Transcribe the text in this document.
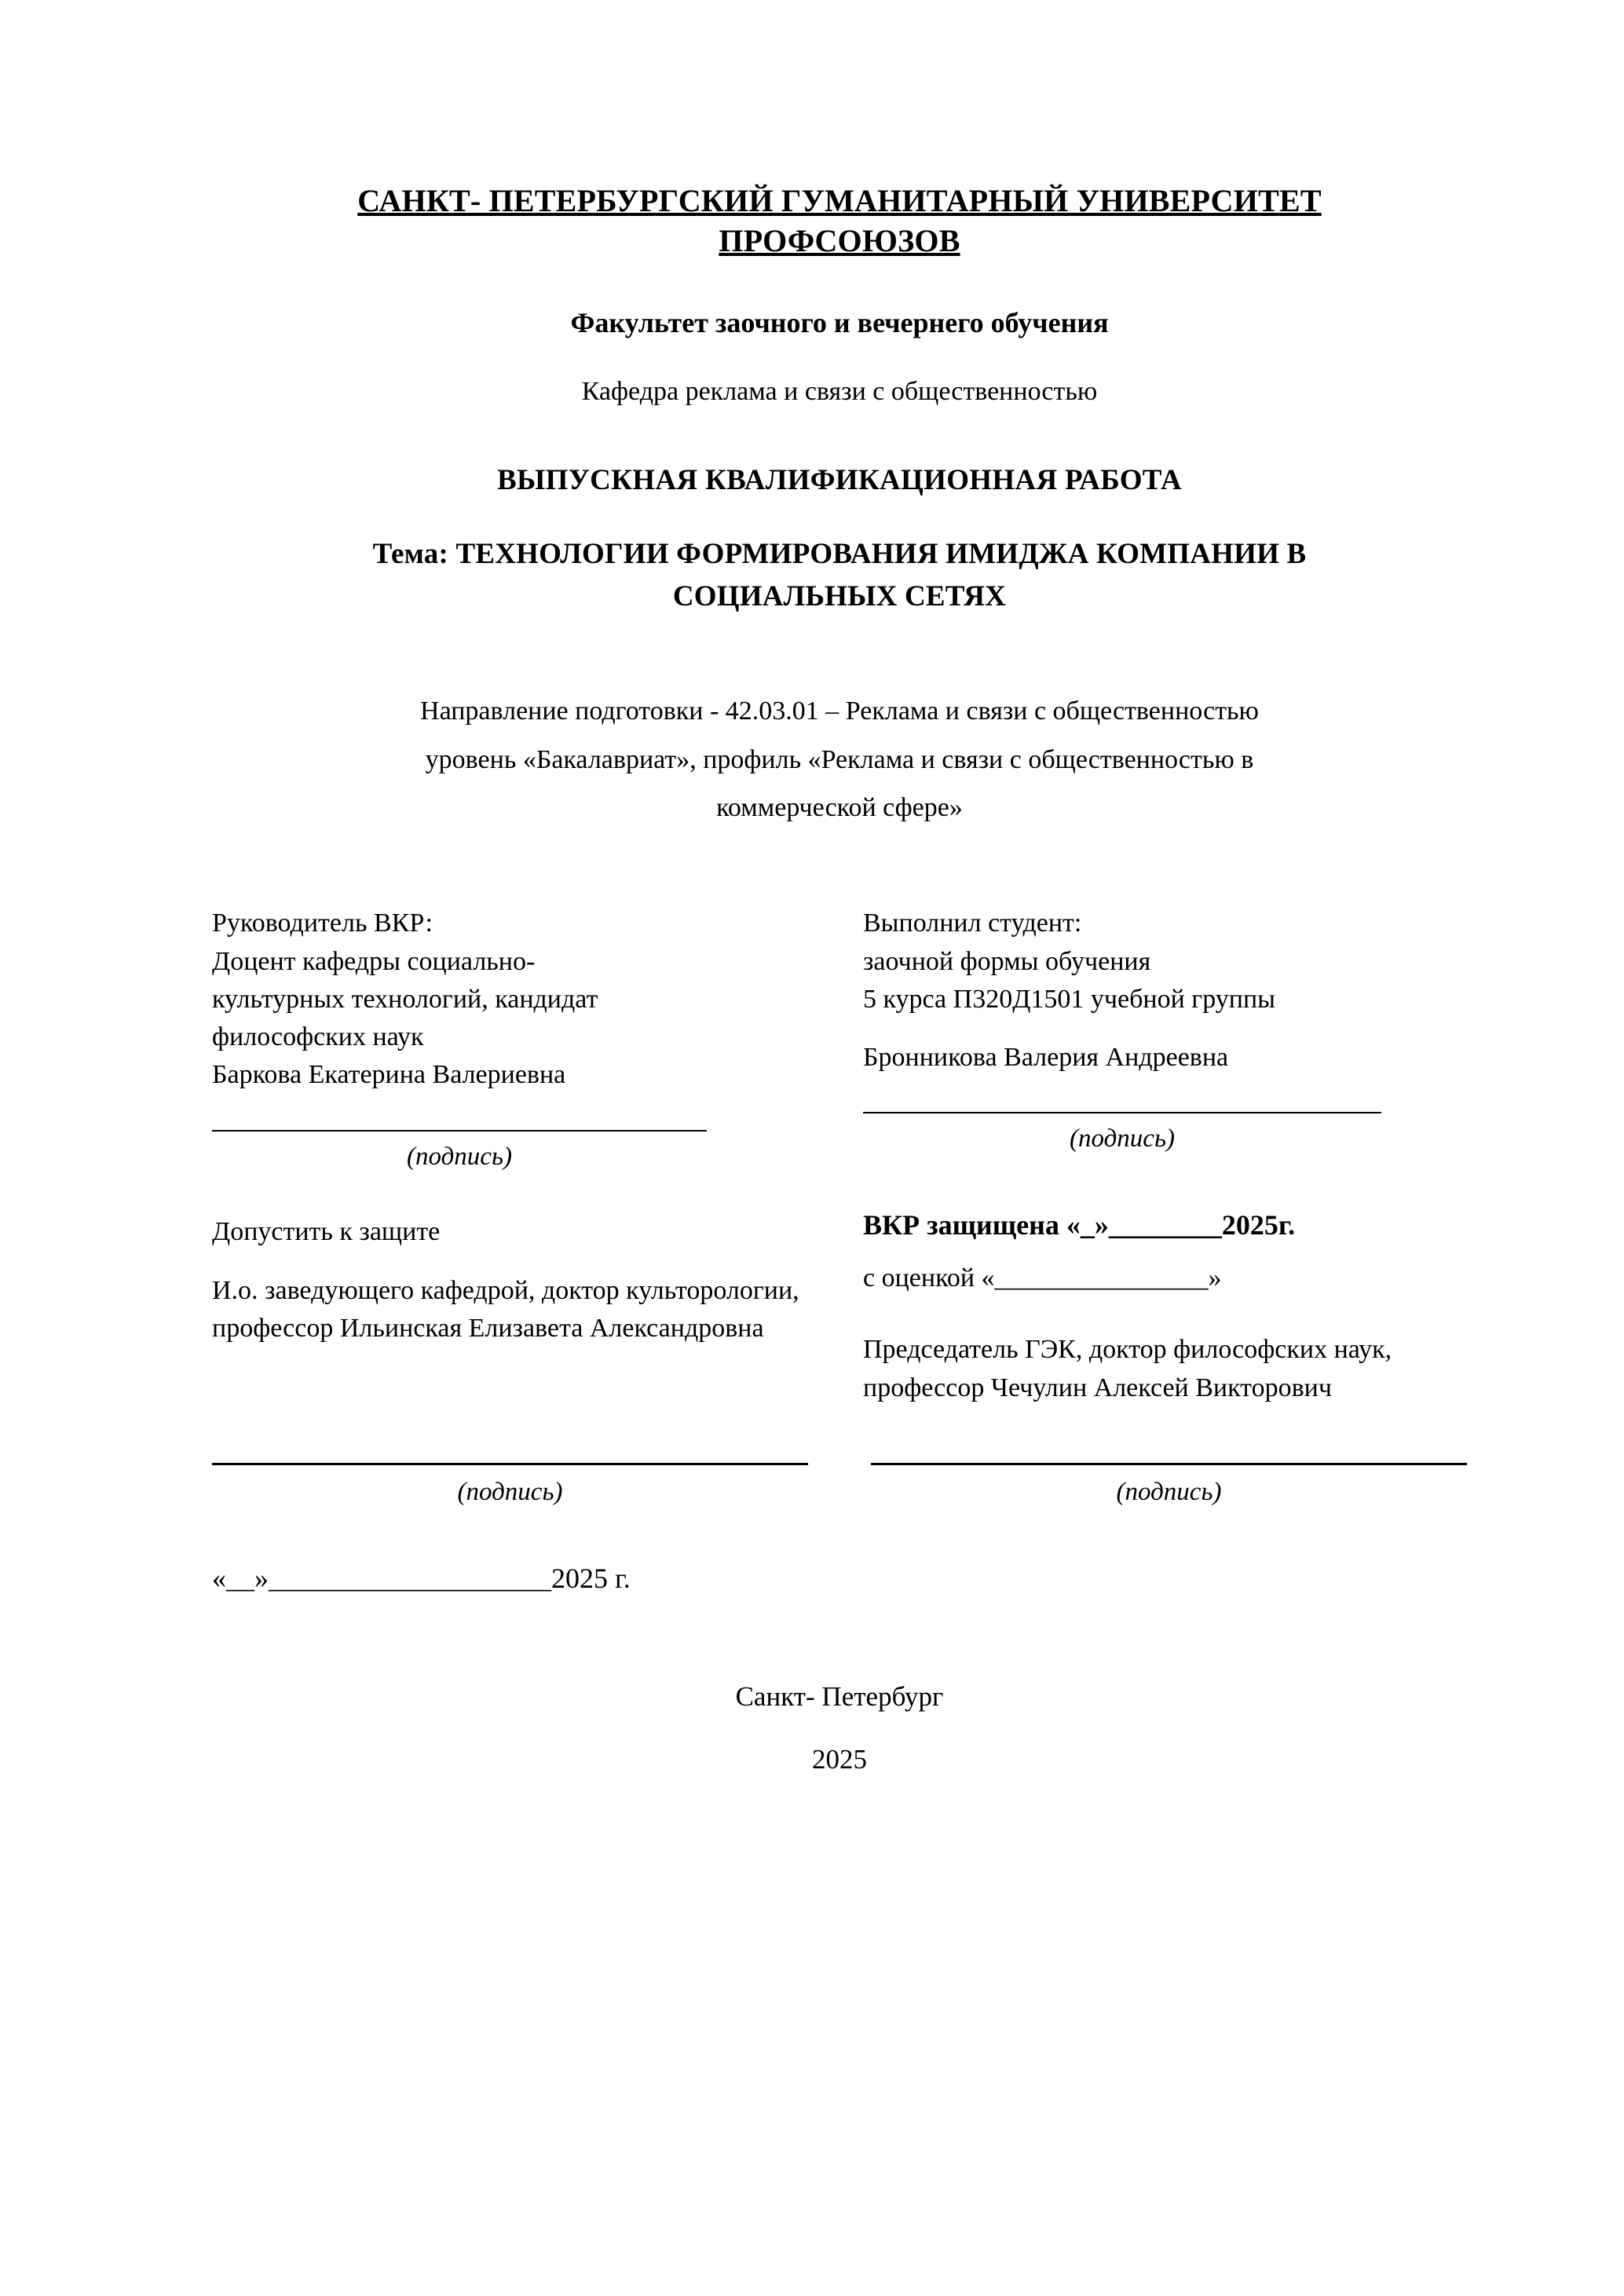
САНКТ- ПЕТЕРБУРГСКИЙ ГУМАНИТАРНЫЙ УНИВЕРСИТЕТ
ПРОФСОЮЗОВ
Факультет заочного и вечернего обучения
Кафедра реклама и связи с общественностью
ВЫПУСКНАЯ КВАЛИФИКАЦИОННАЯ РАБОТА
Тема: ТЕХНОЛОГИИ ФОРМИРОВАНИЯ ИМИДЖА КОМПАНИИ В
СОЦИАЛЬНЫХ СЕТЯХ
Направление подготовки - 42.03.01 – Реклама и связи с общественностью
уровень «Бакалавриат», профиль «Реклама и связи с общественностью в
коммерческой сфере»
Руководитель ВКР:
Доцент кафедры социально-
культурных технологий, кандидат
философских наук
Баркова Екатерина Валериевна
(подпись)
Допустить к защите
И.о. заведующего кафедрой, доктор культорологии, профессор Ильинская Елизавета Александровна
Выполнил студент:
заочной формы обучения
5 курса П320Д1501 учебной группы
Бронникова Валерия Андреевна
(подпись)
ВКР защищена «_»________2025г.
с оценкой «________________»
Председатель ГЭК, доктор философских наук, профессор Чечулин Алексей Викторович
(подпись)	(подпись)
«__»____________________2025 г.
Санкт- Петербург
2025
